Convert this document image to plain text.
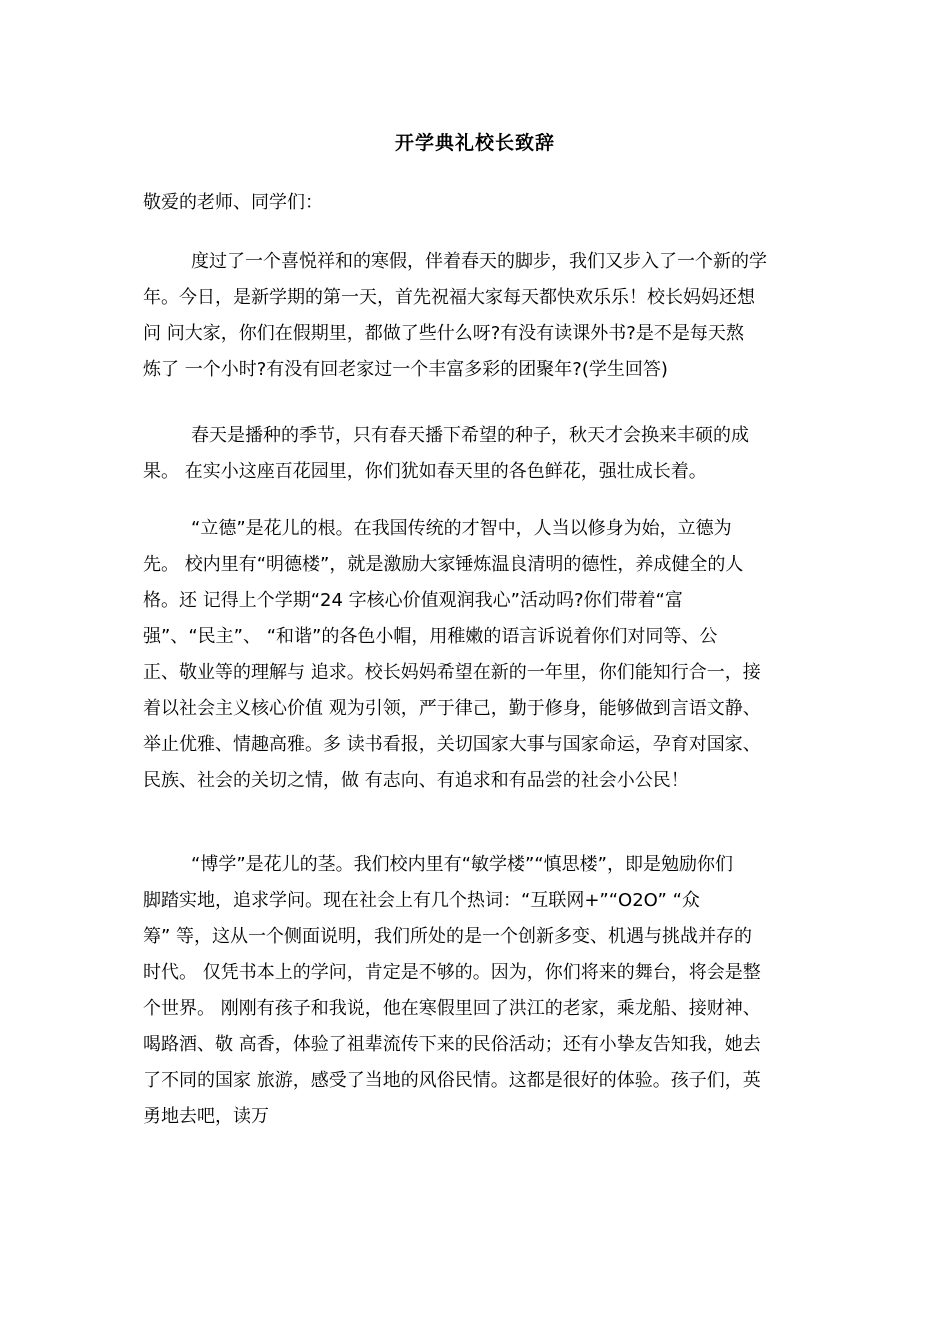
开学典礼校长致辞
敬爱的老师、同学们：
度过了一个喜悦祥和的寒假，伴着春天的脚步，我们又步入了一个新的学
年。今日，是新学期的第一天，首先祝福大家每天都快欢乐乐！校长妈妈还想
问 问大家，你们在假期里，都做了些什么呀?有没有读课外书?是不是每天熬
炼了 一个小时?有没有回老家过一个丰富多彩的团聚年?(学生回答)
春天是播种的季节，只有春天播下希望的种子，秋天才会换来丰硕的成
果。 在实小这座百花园里，你们犹如春天里的各色鲜花，强壮成长着。
“立德”是花儿的根。在我国传统的才智中，人当以修身为始，立德为
先。 校内里有“明德楼”，就是激励大家锤炼温良清明的德性，养成健全的人
格。还 记得上个学期“24 字核心价值观润我心”活动吗?你们带着“富
强”、“民主”、 “和谐”的各色小帽，用稚嫩的语言诉说着你们对同等、公
正、敬业等的理解与 追求。校长妈妈希望在新的一年里，你们能知行合一，接
着以社会主义核心价值 观为引领，严于律己，勤于修身，能够做到言语文静、
举止优雅、情趣高雅。多 读书看报，关切国家大事与国家命运，孕育对国家、
民族、社会的关切之情，做 有志向、有追求和有品尝的社会小公民！
“博学”是花儿的茎。我们校内里有“敏学楼”“慎思楼”，即是勉励你们
脚踏实地，追求学问。现在社会上有几个热词：“互联网+”“O2O” “众
筹” 等，这从一个侧面说明，我们所处的是一个创新多变、机遇与挑战并存的
时代。 仅凭书本上的学问，肯定是不够的。因为，你们将来的舞台，将会是整
个世界。 刚刚有孩子和我说，他在寒假里回了洪江的老家，乘龙船、接财神、
喝路酒、敬 高香，体验了祖辈流传下来的民俗活动；还有小挚友告知我，她去
了不同的国家 旅游，感受了当地的风俗民情。这都是很好的体验。孩子们，英
勇地去吧，读万
